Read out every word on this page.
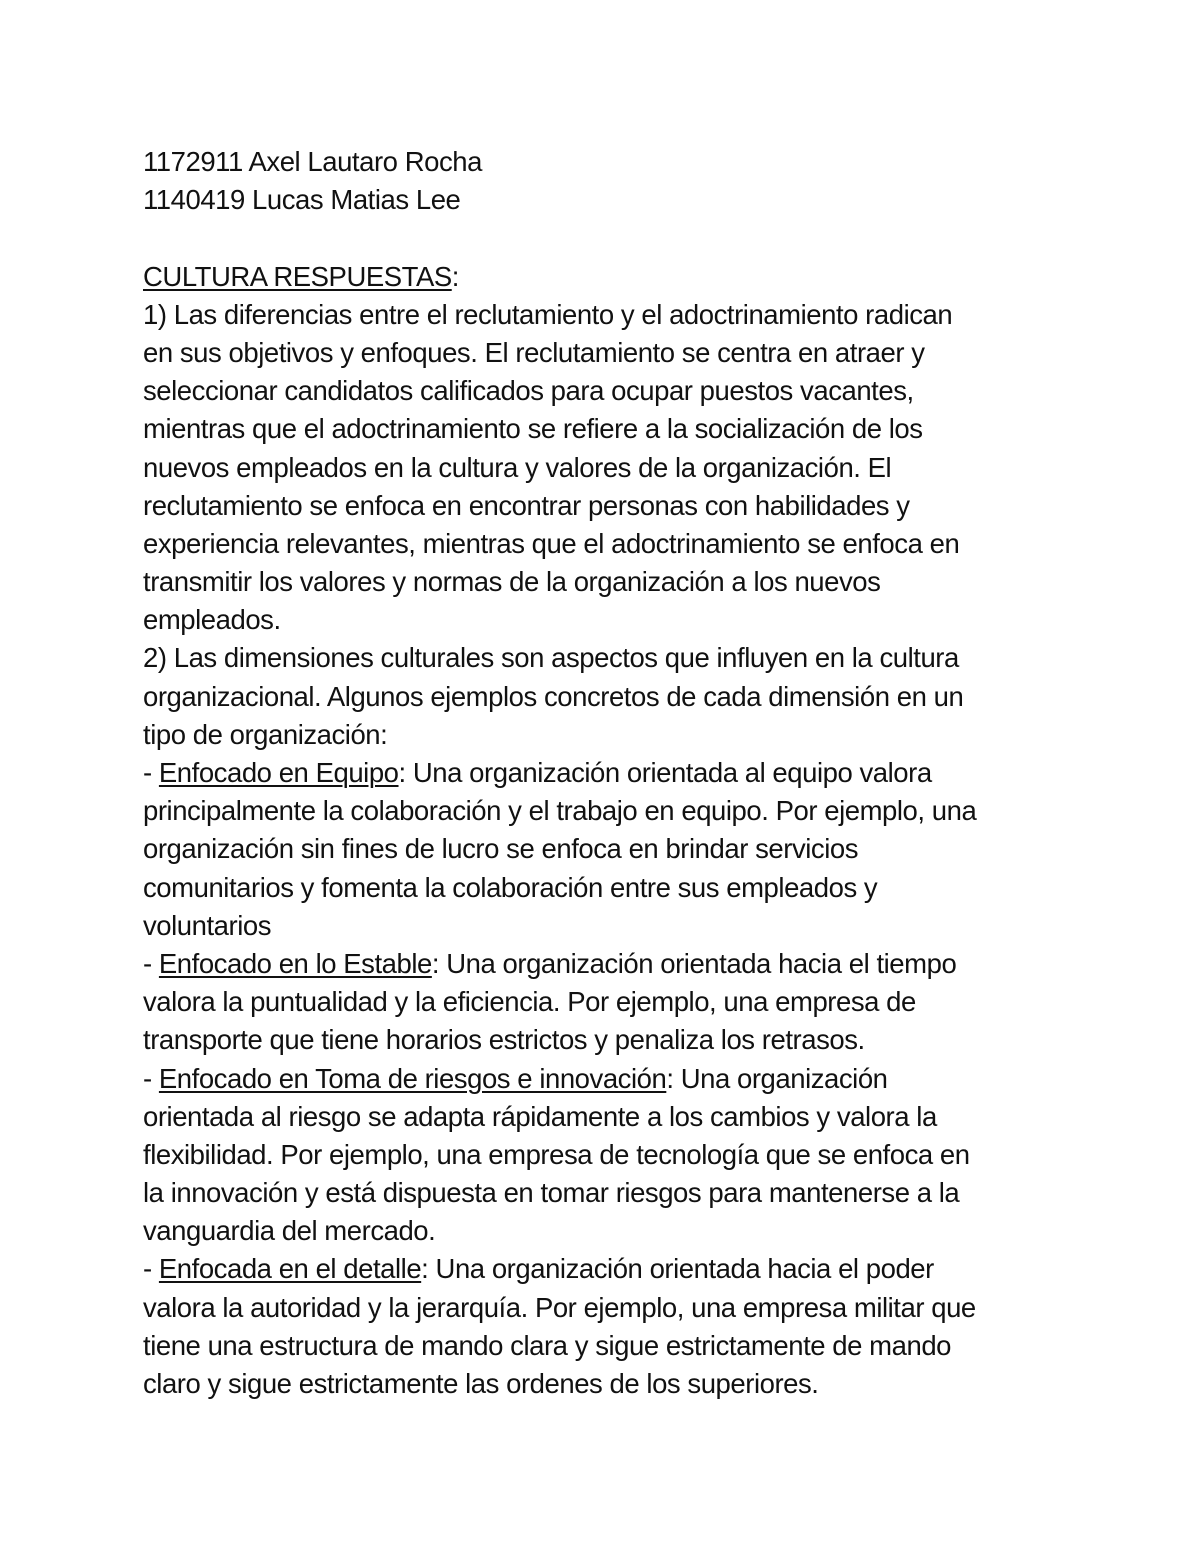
1172911 Axel Lautaro Rocha
1140419 Lucas Matias Lee
CULTURA RESPUESTAS:
1) Las diferencias entre el reclutamiento y el adoctrinamiento radican
en sus objetivos y enfoques. El reclutamiento se centra en atraer y
seleccionar candidatos calificados para ocupar puestos vacantes,
mientras que el adoctrinamiento se refiere a la socialización de los
nuevos empleados en la cultura y valores de la organización. El
reclutamiento se enfoca en encontrar personas con habilidades y
experiencia relevantes, mientras que el adoctrinamiento se enfoca en
transmitir los valores y normas de la organización a los nuevos
empleados.
2) Las dimensiones culturales son aspectos que influyen en la cultura
organizacional. Algunos ejemplos concretos de cada dimensión en un
tipo de organización:
- Enfocado en Equipo: Una organización orientada al equipo valora
principalmente la colaboración y el trabajo en equipo. Por ejemplo, una
organización sin fines de lucro se enfoca en brindar servicios
comunitarios y fomenta la colaboración entre sus empleados y
voluntarios
- Enfocado en lo Estable: Una organización orientada hacia el tiempo
valora la puntualidad y la eficiencia. Por ejemplo, una empresa de
transporte que tiene horarios estrictos y penaliza los retrasos.
- Enfocado en Toma de riesgos e innovación: Una organización
orientada al riesgo se adapta rápidamente a los cambios y valora la
flexibilidad. Por ejemplo, una empresa de tecnología que se enfoca en
la innovación y está dispuesta en tomar riesgos para mantenerse a la
vanguardia del mercado.
- Enfocada en el detalle: Una organización orientada hacia el poder
valora la autoridad y la jerarquía. Por ejemplo, una empresa militar que
tiene una estructura de mando clara y sigue estrictamente de mando
claro y sigue estrictamente las ordenes de los superiores.
